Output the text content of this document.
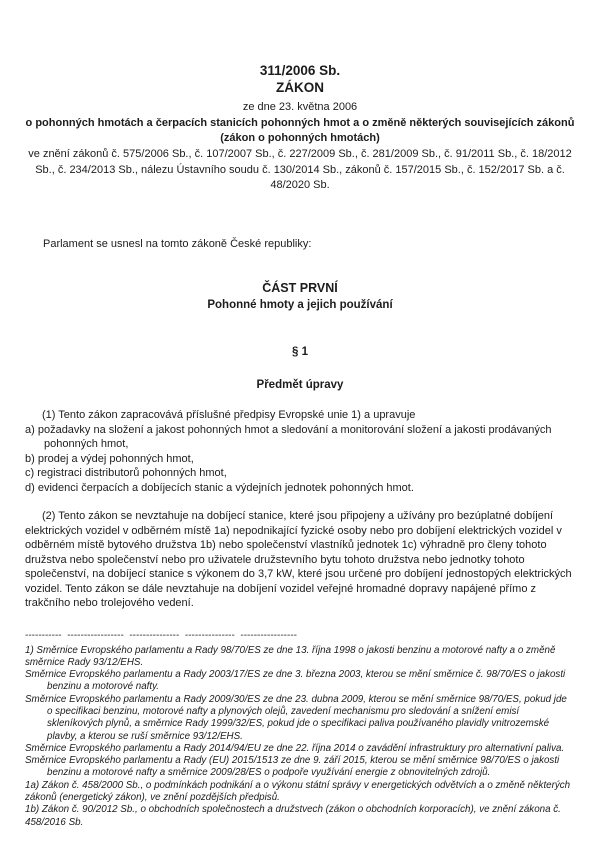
311/2006 Sb.
ZÁKON
ze dne 23. května 2006
o pohonných hmotách a čerpacích stanicích pohonných hmot a o změně některých souvisejících zákonů (zákon o pohonných hmotách)
ve znění zákonů č. 575/2006 Sb., č. 107/2007 Sb., č. 227/2009 Sb., č. 281/2009 Sb., č. 91/2011 Sb., č. 18/2012 Sb., č. 234/2013 Sb., nálezu Ústavního soudu č. 130/2014 Sb., zákonů č. 157/2015 Sb., č. 152/2017 Sb. a č. 48/2020 Sb.
Parlament se usnesl na tomto zákoně České republiky:
ČÁST PRVNÍ
Pohonné hmoty a jejich používání
§ 1
Předmět úpravy
(1) Tento zákon zapracovává příslušné předpisy Evropské unie 1) a upravuje
a) požadavky na složení a jakost pohonných hmot a sledování a monitorování složení a jakosti prodávaných pohonných hmot,
b) prodej a výdej pohonných hmot,
c) registraci distributorů pohonných hmot,
d) evidenci čerpacích a dobíjecích stanic a výdejních jednotek pohonných hmot.
(2) Tento zákon se nevztahuje na dobíjecí stanice, které jsou připojeny a užívány pro bezúplatné dobíjení elektrických vozidel v odběrném místě 1a) nepodnikající fyzické osoby nebo pro dobíjení elektrických vozidel v odběrném místě bytového družstva 1b) nebo společenství vlastníků jednotek 1c) výhradně pro členy tohoto družstva nebo společenství nebo pro uživatele družstevního bytu tohoto družstva nebo jednotky tohoto společenství, na dobíjecí stanice s výkonem do 3,7 kW, které jsou určené pro dobíjení jednostopých elektrických vozidel. Tento zákon se dále nevztahuje na dobíjení vozidel veřejné hromadné dopravy napájené přímo z trakčního nebo trolejového vedení.
-----------  -----------------  ---------------  ---------------  -----------------

1) Směrnice Evropského parlamentu a Rady 98/70/ES ze dne 13. října 1998 o jakosti benzinu a motorové nafty a o změně směrnice Rady 93/12/EHS.

Směrnice Evropského parlamentu a Rady 2003/17/ES ze dne 3. března 2003, kterou se mění směrnice č. 98/70/ES o jakosti benzinu a motorové nafty.

Směrnice Evropského parlamentu a Rady 2009/30/ES ze dne 23. dubna 2009, kterou se mění směrnice 98/70/ES, pokud jde o specifikaci benzinu, motorové nafty a plynových olejů, zavedení mechanismu pro sledování a snížení emisí skleníkových plynů, a směrnice Rady 1999/32/ES, pokud jde o specifikaci paliva používaného plavidly vnitrozemské plavby, a kterou se ruší směrnice 93/12/EHS.

Směrnice Evropského parlamentu a Rady 2014/94/EU ze dne 22. října 2014 o zavádění infrastruktury pro alternativní paliva.

Směrnice Evropského parlamentu a Rady (EU) 2015/1513 ze dne 9. září 2015, kterou se mění směrnice 98/70/ES o jakosti benzinu a motorové nafty a směrnice 2009/28/ES o podpoře využívání energie z obnovitelných zdrojů.

1a) Zákon č. 458/2000 Sb., o podmínkách podnikání a o výkonu státní správy v energetických odvětvích a o změně některých zákonů (energetický zákon), ve znění pozdějších předpisů.

1b) Zákon č. 90/2012 Sb., o obchodních společnostech a družstvech (zákon o obchodních korporacích), ve znění zákona č. 458/2016 Sb.
